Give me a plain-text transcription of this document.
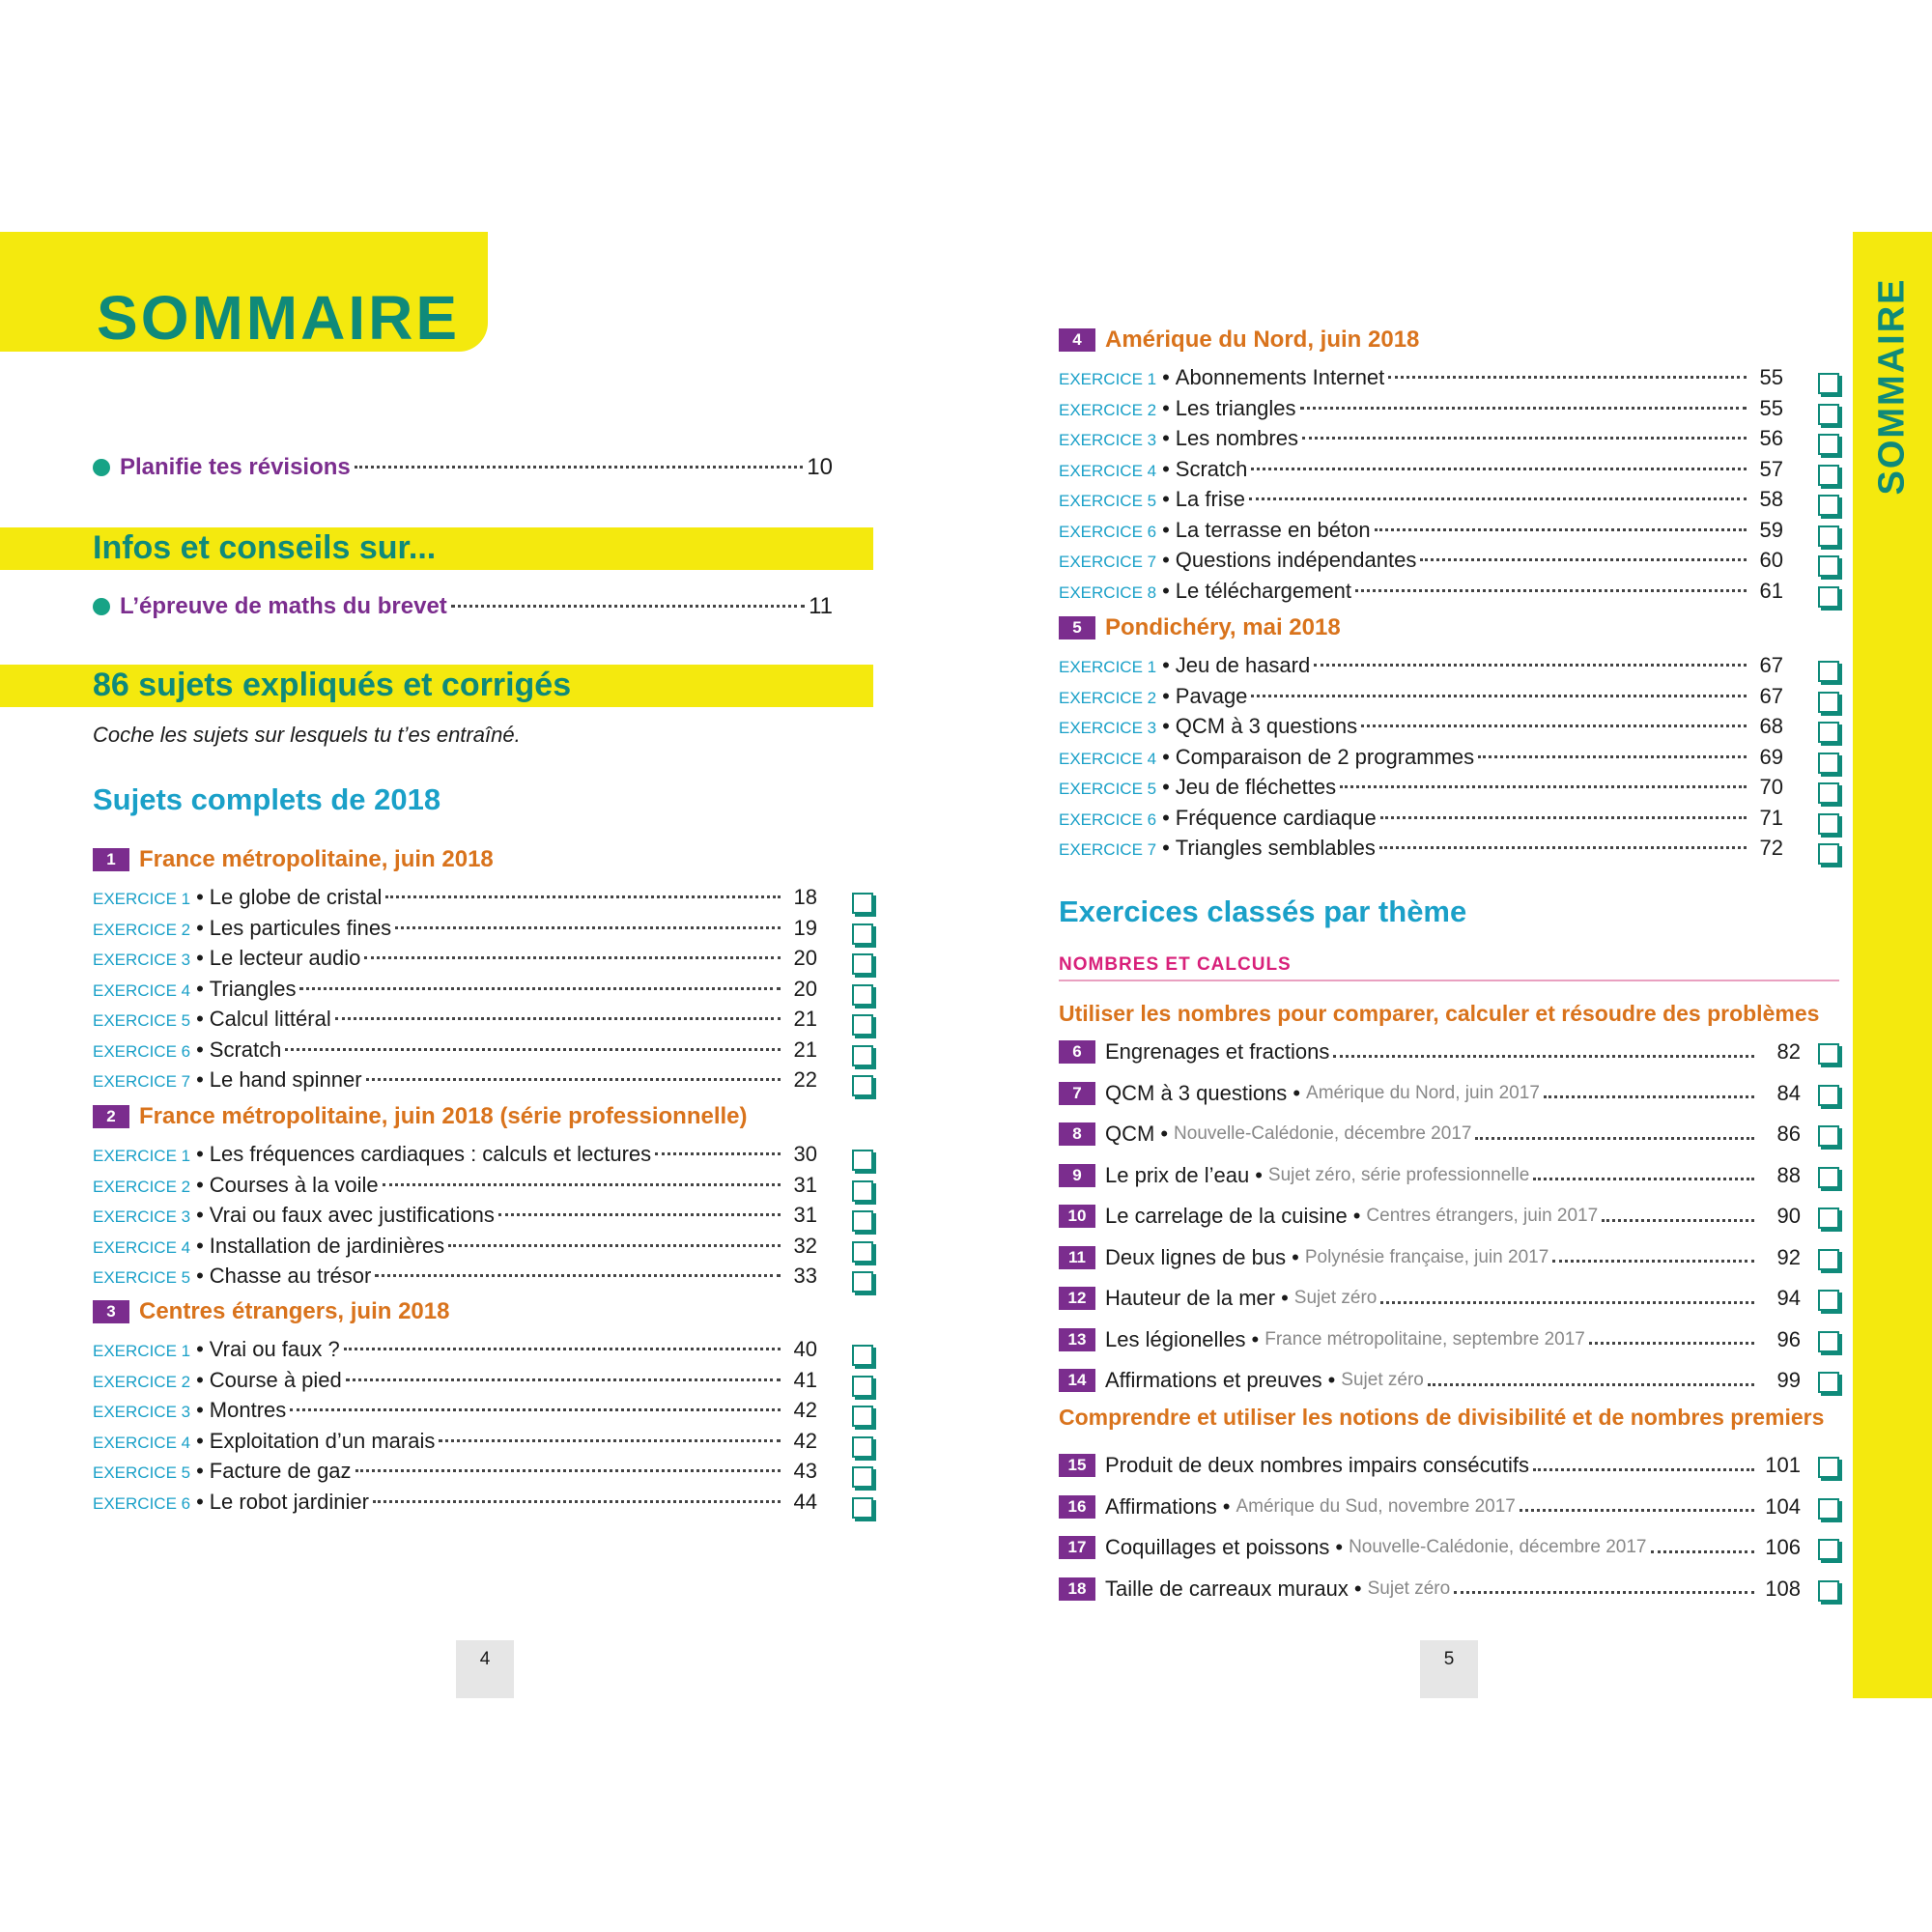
SOMMAIRE
Planifie tes révisions	10
Infos et conseils sur...
L’épreuve de maths du brevet	11
86 sujets expliqués et corrigés
Coche les sujets sur lesquels tu t’es entraîné.
Sujets complets de 2018
1	France métropolitaine, juin 2018
EXERCICE 1 • Le globe de cristal	18
EXERCICE 2 • Les particules fines	19
EXERCICE 3 • Le lecteur audio	20
EXERCICE 4 • Triangles	20
EXERCICE 5 • Calcul littéral	21
EXERCICE 6 • Scratch	21
EXERCICE 7 • Le hand spinner	22
2	France métropolitaine, juin 2018 (série professionnelle)
EXERCICE 1 • Les fréquences cardiaques : calculs et lectures	30
EXERCICE 2 • Courses à la voile	31
EXERCICE 3 • Vrai ou faux avec justifications	31
EXERCICE 4 • Installation de jardinières	32
EXERCICE 5 • Chasse au trésor	33
3	Centres étrangers, juin 2018
EXERCICE 1 • Vrai ou faux ?	40
EXERCICE 2 • Course à pied	41
EXERCICE 3 • Montres	42
EXERCICE 4 • Exploitation d’un marais	42
EXERCICE 5 • Facture de gaz	43
EXERCICE 6 • Le robot jardinier	44
4	Amérique du Nord, juin 2018
EXERCICE 1 • Abonnements Internet	55
EXERCICE 2 • Les triangles	55
EXERCICE 3 • Les nombres	56
EXERCICE 4 • Scratch	57
EXERCICE 5 • La frise	58
EXERCICE 6 • La terrasse en béton	59
EXERCICE 7 • Questions indépendantes	60
EXERCICE 8 • Le téléchargement	61
5	Pondichéry, mai 2018
EXERCICE 1 • Jeu de hasard	67
EXERCICE 2 • Pavage	67
EXERCICE 3 • QCM à 3 questions	68
EXERCICE 4 • Comparaison de 2 programmes	69
EXERCICE 5 • Jeu de fléchettes	70
EXERCICE 6 • Fréquence cardiaque	71
EXERCICE 7 • Triangles semblables	72
4
Exercices classés par thème
NOMBRES ET CALCULS
Utiliser les nombres pour comparer, calculer et résoudre des problèmes
Comprendre et utiliser les notions de divisibilité et de nombres premiers
6	Engrenages et fractions	82
7	QCM à 3 questions • Amérique du Nord, juin 2017	84
8	QCM • Nouvelle-Calédonie, décembre 2017	86
9	Le prix de l’eau • Sujet zéro, série professionnelle	88
10 Le carrelage de la cuisine • Centres étrangers, juin 2017	90
11 Deux lignes de bus • Polynésie française, juin 2017	92
12 Hauteur de la mer • Sujet zéro	94
13 Les légionelles • France métropolitaine, septembre 2017	96
14 Affirmations et preuves • Sujet zéro	99
15 Produit de deux nombres impairs consécutifs	101
16 Affirmations • Amérique du Sud, novembre 2017	104
17 Coquillages et poissons • Nouvelle-Calédonie, décembre 2017	106
18 Taille de carreaux muraux • Sujet zéro	108
5
SOMMAIRE
